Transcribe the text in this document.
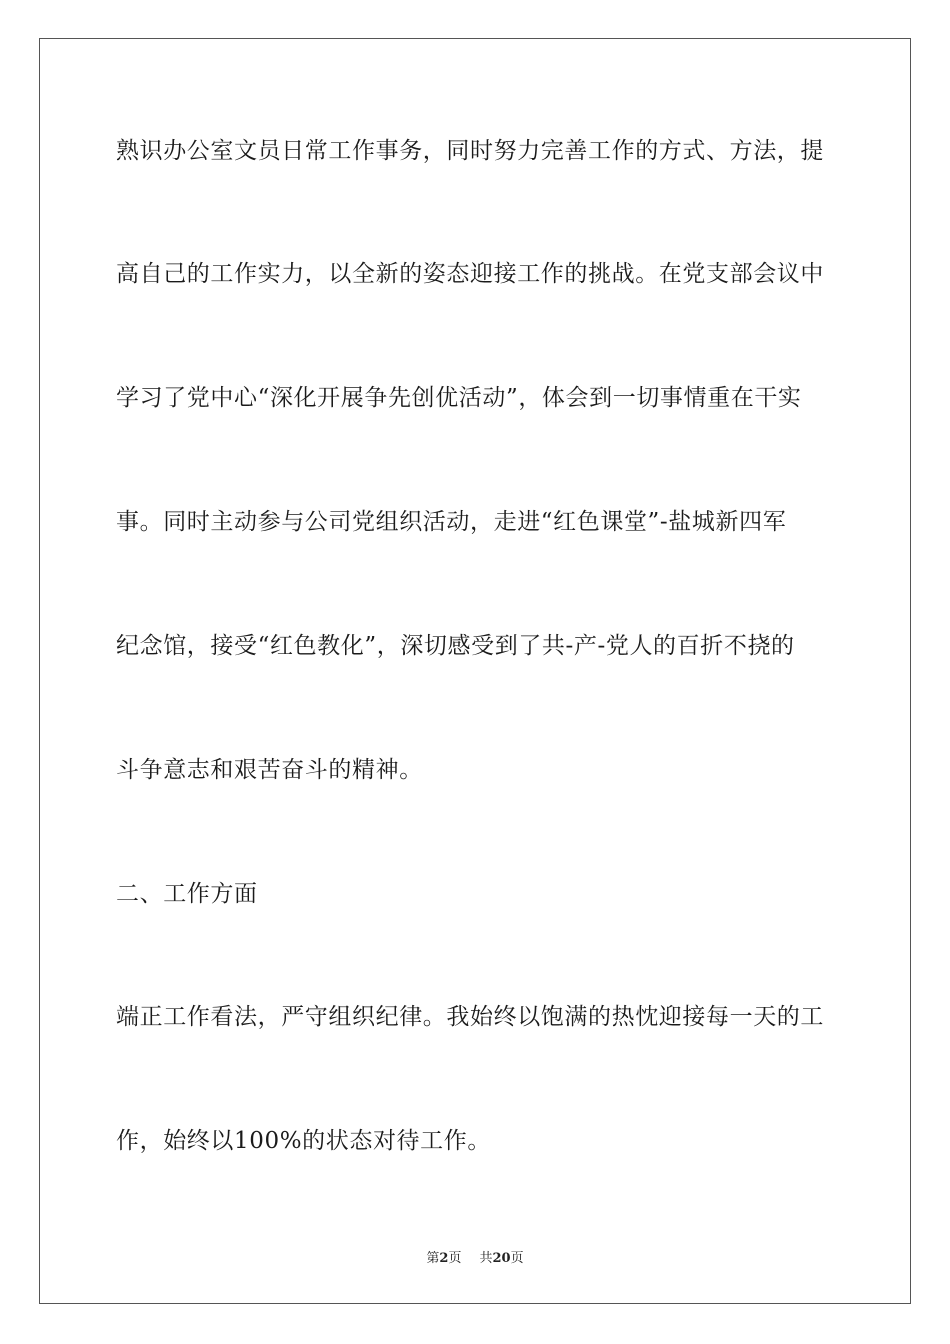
熟识办公室文员日常工作事务，同时努力完善工作的方式、方法，提
高自己的工作实力，以全新的姿态迎接工作的挑战。在党支部会议中
学习了党中心“深化开展争先创优活动”，体会到一切事情重在干实
事。同时主动参与公司党组织活动，走进“红色课堂”-盐城新四军
纪念馆，接受“红色教化”，深切感受到了共-产-党人的百折不挠的
斗争意志和艰苦奋斗的精神。
二、工作方面
端正工作看法，严守组织纪律。我始终以饱满的热忱迎接每一天的工
作，始终以100%的状态对待工作。
第2页 共20页
